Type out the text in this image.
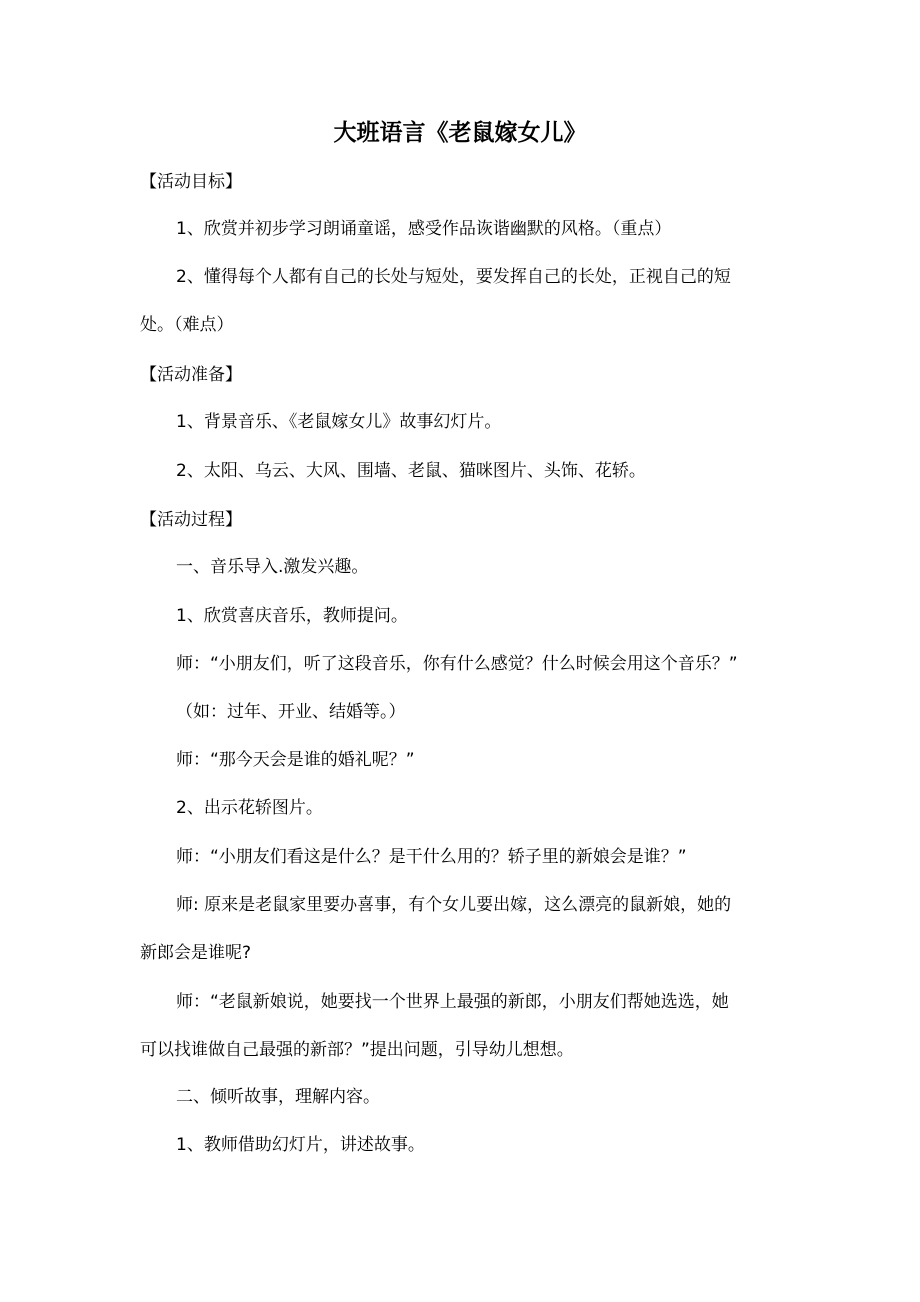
大班语言《老鼠嫁女儿》
【活动目标】
1、欣赏并初步学习朗诵童谣，感受作品诙谐幽默的风格。（重点）
2、懂得每个人都有自己的长处与短处，要发挥自己的长处，正视自己的短
处。（难点）
【活动准备】
1、背景音乐、《老鼠嫁女儿》故事幻灯片。
2、太阳、乌云、大风、围墙、老鼠、猫咪图片、头饰、花轿。
【活动过程】
一、音乐导入.激发兴趣。
1、欣赏喜庆音乐，教师提问。
师：“小朋友们，听了这段音乐，你有什么感觉？什么时候会用这个音乐？”
（如：过年、开业、结婚等。）
师：“那今天会是谁的婚礼呢？”
2、出示花轿图片。
师：“小朋友们看这是什么？是干什么用的？轿子里的新娘会是谁？”
师: 原来是老鼠家里要办喜事，有个女儿要出嫁，这么漂亮的鼠新娘，她的
新郎会是谁呢?
师：“老鼠新娘说，她要找一个世界上最强的新郎，小朋友们帮她选选，她
可以找谁做自己最强的新部？”提出问题，引导幼儿想想。
二、倾听故事，理解内容。
1、教师借助幻灯片，讲述故事。
